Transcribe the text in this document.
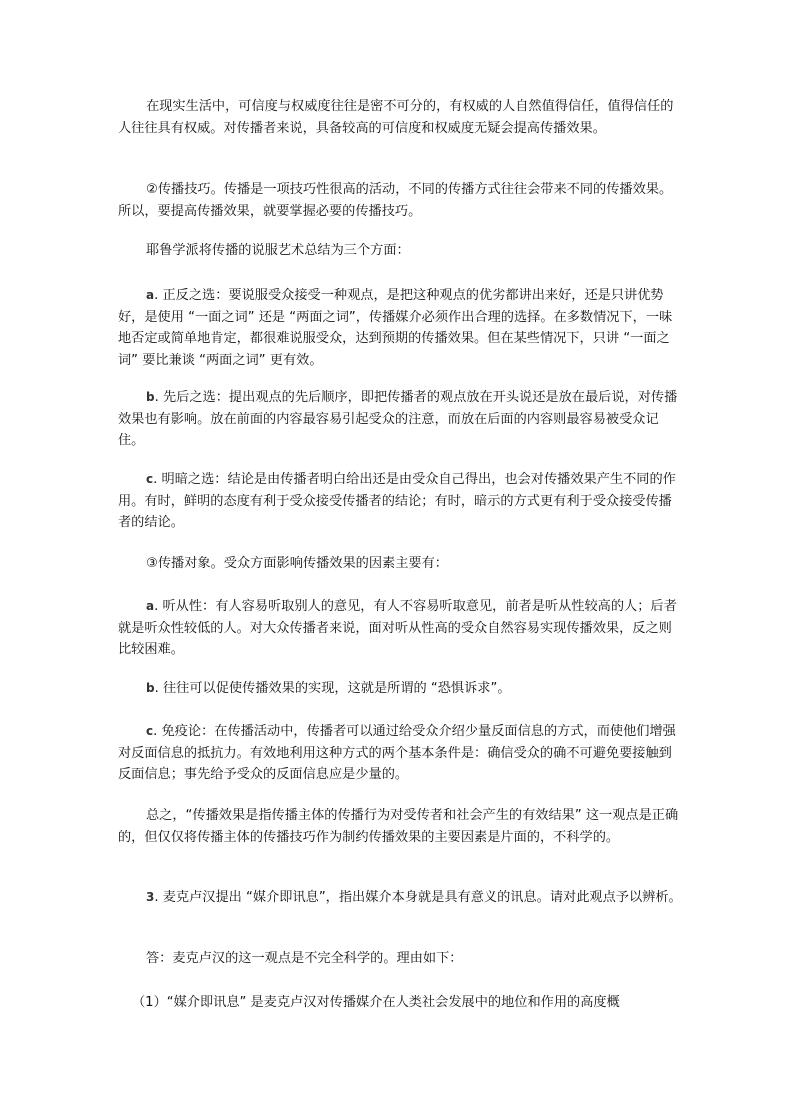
在现实生活中，可信度与权威度往往是密不可分的，有权威的人自然值得信任，值得信任的人往往具有权威。对传播者来说，具备较高的可信度和权威度无疑会提高传播效果。

②传播技巧。传播是一项技巧性很高的活动，不同的传播方式往往会带来不同的传播效果。所以，要提高传播效果，就要掌握必要的传播技巧。

耶鲁学派将传播的说服艺术总结为三个方面：

a. 正反之选：要说服受众接受一种观点，是把这种观点的优劣都讲出来好，还是只讲优势好，是使用 “一面之词” 还是 “两面之词”，传播媒介必须作出合理的选择。在多数情况下，一味地否定或简单地肯定，都很难说服受众，达到预期的传播效果。但在某些情况下，只讲 “一面之词” 要比兼谈 “两面之词” 更有效。

b. 先后之选：提出观点的先后顺序，即把传播者的观点放在开头说还是放在最后说，对传播效果也有影响。放在前面的内容最容易引起受众的注意，而放在后面的内容则最容易被受众记住。

c. 明暗之选：结论是由传播者明白给出还是由受众自己得出，也会对传播效果产生不同的作用。有时，鲜明的态度有利于受众接受传播者的结论；有时，暗示的方式更有利于受众接受传播者的结论。

③传播对象。受众方面影响传播效果的因素主要有：

a. 听从性：有人容易听取别人的意见，有人不容易听取意见，前者是听从性较高的人；后者就是听众性较低的人。对大众传播者来说，面对听从性高的受众自然容易实现传播效果，反之则比较困难。

b. 往往可以促使传播效果的实现，这就是所谓的 “恐惧诉求”。

c. 免疫论：在传播活动中，传播者可以通过给受众介绍少量反面信息的方式，而使他们增强对反面信息的抵抗力。有效地利用这种方式的两个基本条件是：确信受众的确不可避免要接触到反面信息；事先给予受众的反面信息应是少量的。

总之，“传播效果是指传播主体的传播行为对受传者和社会产生的有效结果” 这一观点是正确的，但仅仅将传播主体的传播技巧作为制约传播效果的主要因素是片面的，不科学的。

3. 麦克卢汉提出 “媒介即讯息”，指出媒介本身就是具有意义的讯息。请对此观点予以辨析。

答：麦克卢汉的这一观点是不完全科学的。理由如下：

（1）“媒介即讯息” 是麦克卢汉对传播媒介在人类社会发展中的地位和作用的高度概
